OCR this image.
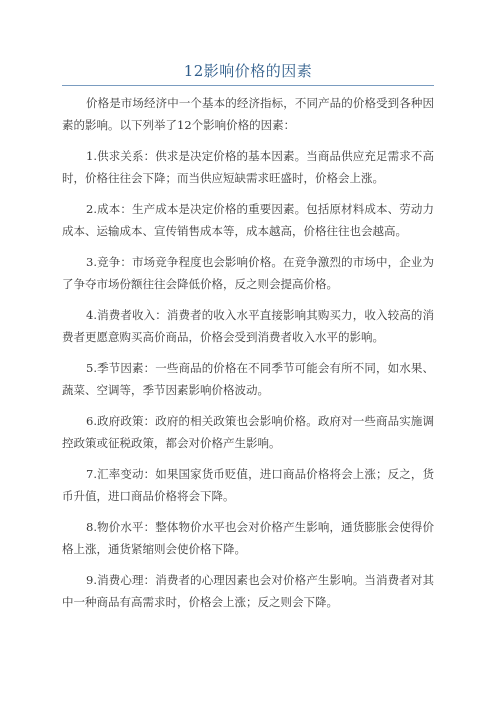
12影响价格的因素

价格是市场经济中一个基本的经济指标，不同产品的价格受到各种因素的影响。以下列举了12个影响价格的因素：

1.供求关系：供求是决定价格的基本因素。当商品供应充足需求不高时，价格往往会下降；而当供应短缺需求旺盛时，价格会上涨。

2.成本：生产成本是决定价格的重要因素。包括原材料成本、劳动力成本、运输成本、宣传销售成本等，成本越高，价格往往也会越高。

3.竞争：市场竞争程度也会影响价格。在竞争激烈的市场中，企业为了争夺市场份额往往会降低价格，反之则会提高价格。

4.消费者收入：消费者的收入水平直接影响其购买力，收入较高的消费者更愿意购买高价商品，价格会受到消费者收入水平的影响。

5.季节因素：一些商品的价格在不同季节可能会有所不同，如水果、蔬菜、空调等，季节因素影响价格波动。

6.政府政策：政府的相关政策也会影响价格。政府对一些商品实施调控政策或征税政策，都会对价格产生影响。

7.汇率变动：如果国家货币贬值，进口商品价格将会上涨；反之，货币升值，进口商品价格将会下降。

8.物价水平：整体物价水平也会对价格产生影响，通货膨胀会使得价格上涨，通货紧缩则会使价格下降。

9.消费心理：消费者的心理因素也会对价格产生影响。当消费者对其中一种商品有高需求时，价格会上涨；反之则会下降。
